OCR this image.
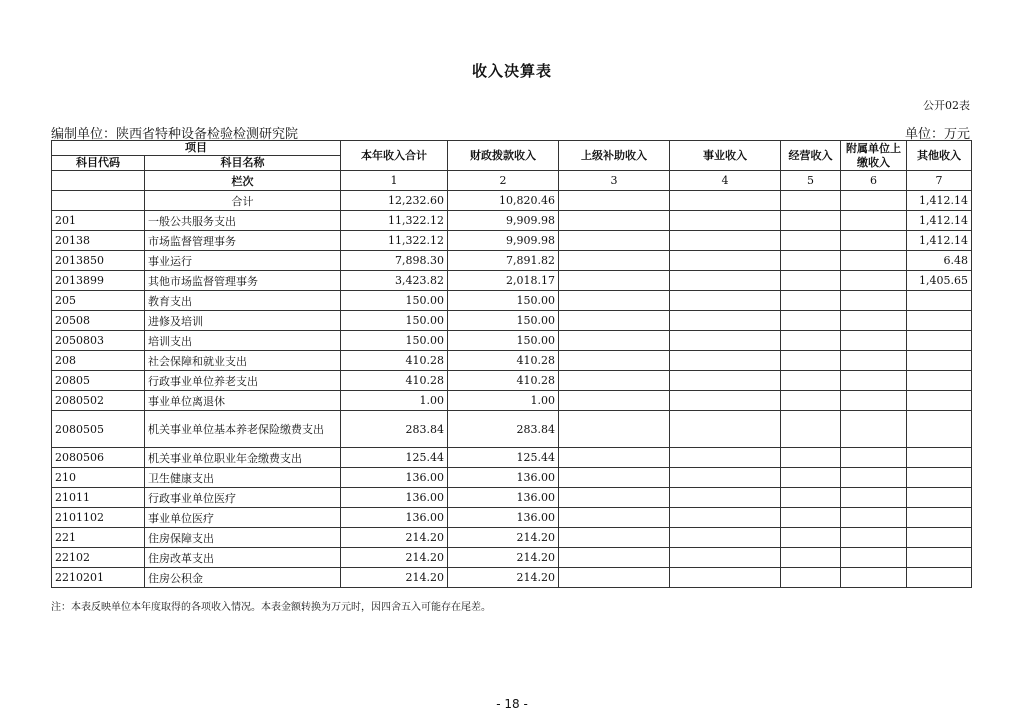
收入决算表
公开02表
编制单位：陕西省特种设备检验检测研究院	单位：万元
项目		本年收入合计	财政拨款收入	上级补助收入	事业收入	经营收入	附属单位上缴收入	其他收入
科目代码	科目名称							
	栏次	1	2	3	4	5	6	7
	合计	12,232.60	10,820.46					1,412.14
201	一般公共服务支出	11,322.12	9,909.98					1,412.14
20138	市场监督管理事务	11,322.12	9,909.98					1,412.14
2013850	事业运行	7,898.30	7,891.82					6.48
2013899	其他市场监督管理事务	3,423.82	2,018.17					1,405.65
205	教育支出	150.00	150.00					
20508	进修及培训	150.00	150.00					
2050803	培训支出	150.00	150.00					
208	社会保障和就业支出	410.28	410.28					
20805	行政事业单位养老支出	410.28	410.28					
2080502	事业单位离退休	1.00	1.00					
2080505	机关事业单位基本养老保险缴费支出	283.84	283.84					
2080506	机关事业单位职业年金缴费支出	125.44	125.44					
210	卫生健康支出	136.00	136.00					
21011	行政事业单位医疗	136.00	136.00					
2101102	事业单位医疗	136.00	136.00					
221	住房保障支出	214.20	214.20					
22102	住房改革支出	214.20	214.20					
2210201	住房公积金	214.20	214.20					
注：本表反映单位本年度取得的各项收入情况。本表金额转换为万元时，因四舍五入可能存在尾差。
- 18 -
